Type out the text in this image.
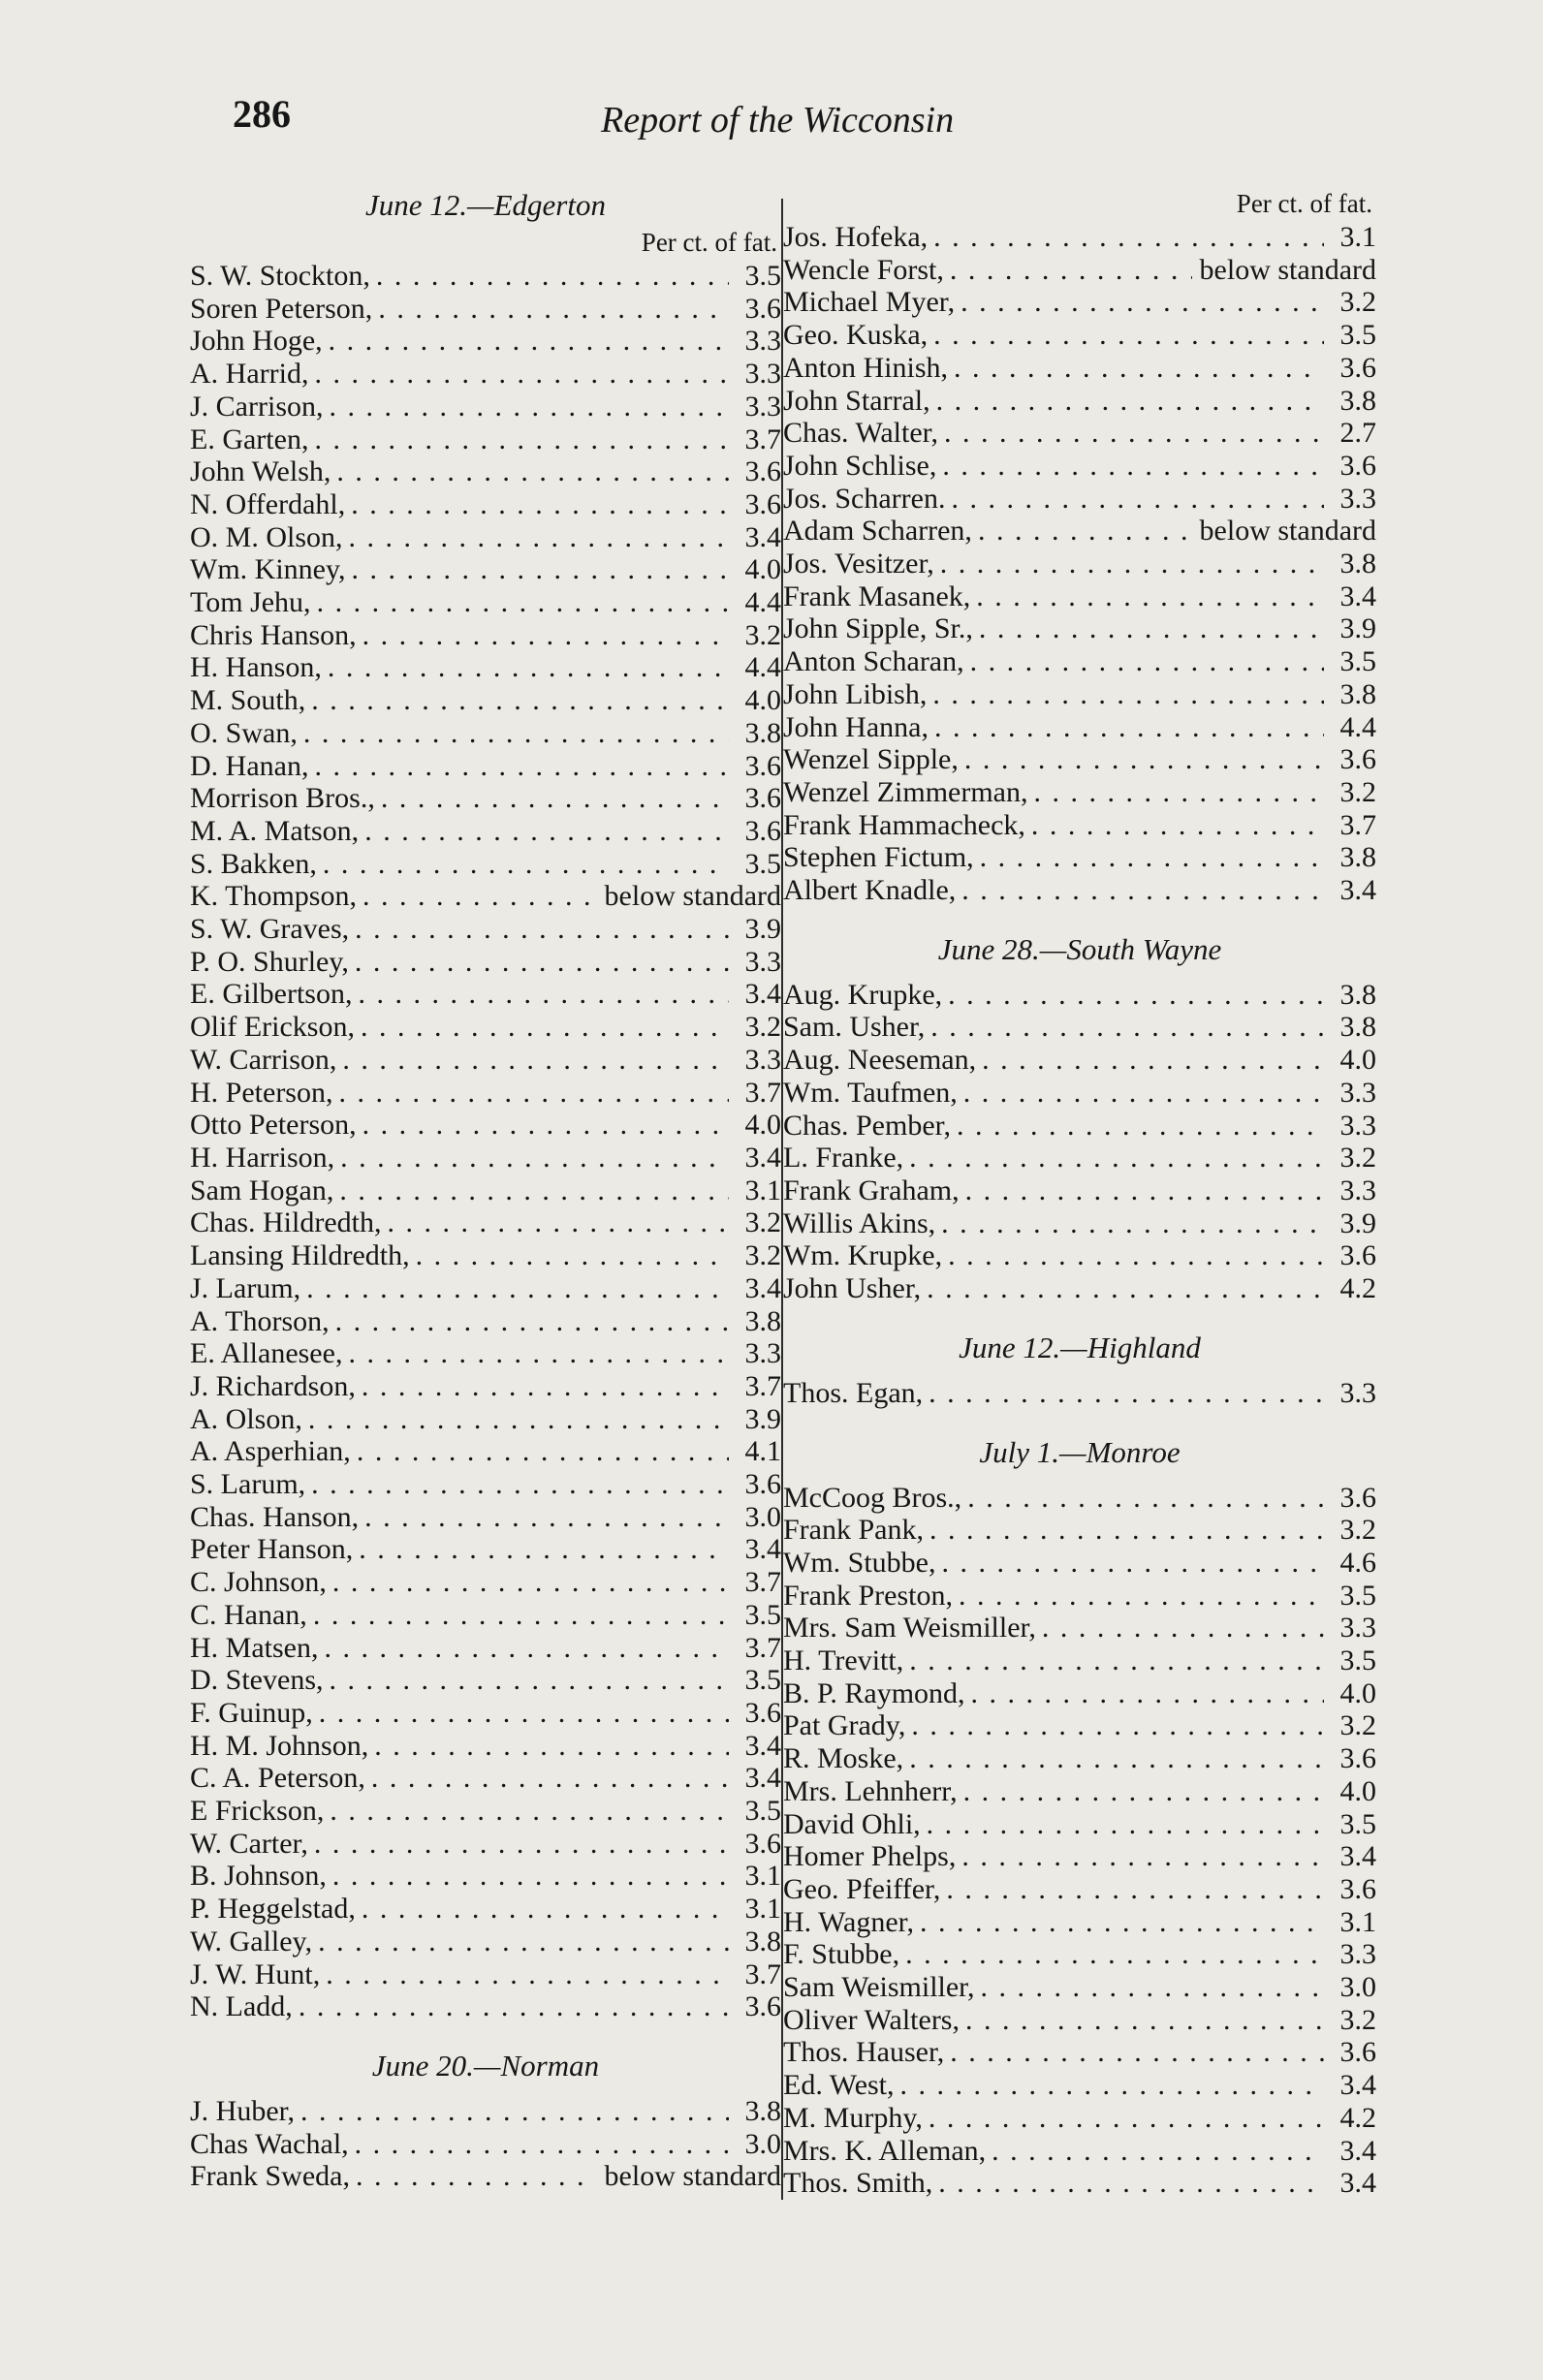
286	Report of the Wicconsin

June 12.—Edgerton

Per ct. of fat.
S. W. Stockton, . . .	3.5
Soren Peterson, . . .	3.6
John Hoge, . . .	3.3
A. Harrid, . . .	3.3
J. Carrison, . . .	3.3
E. Garten, . . .	3.7
John Welsh, . . .	3.6
N. Offerdahl, . . .	3.6
O. M. Olson, . . .	3.4
Wm. Kinney, . . .	4.0
Tom Jehu, . . .	4.4
Chris Hanson, . . .	3.2
H. Hanson, . . .	4.4
M. South, . . .	4.0
O. Swan, . . .	3.8
D. Hanan, . . .	3.6
Morrison Bros., . . .	3.6
M. A. Matson, . . .	3.6
S. Bakken, . . .	3.5
K. Thompson, . . .	below standard
S. W. Graves, . . .	3.9
P. O. Shurley, . . .	3.3
E. Gilbertson, . . .	3.4
Olif Erickson, . . .	3.2
W. Carrison, . . .	3.3
H. Peterson, . . .	3.7
Otto Peterson, . . .	4.0
H. Harrison, . . .	3.4
Sam Hogan, . . .	3.1
Chas. Hildredth, . . .	3.2
Lansing Hildredth, . . .	3.2
J. Larum, . . .	3.4
A. Thorson, . . .	3.8
E. Allanesee, . . .	3.3
J. Richardson, . . .	3.7
A. Olson, . . .	3.9
A. Asperhian, . . .	4.1
S. Larum, . . .	3.6
Chas. Hanson, . . .	3.0
Peter Hanson, . . .	3.4
C. Johnson, . . .	3.7
C. Hanan, . . .	3.5
H. Matsen, . . .	3.7
D. Stevens, . . .	3.5
F. Guinup, . . .	3.6
H. M. Johnson, . . .	3.4
C. A. Peterson, . . .	3.4
E Frickson, . . .	3.5
W. Carter, . . .	3.6
B. Johnson, . . .	3.1
P. Heggelstad, . . .	3.1
W. Galley, . . .	3.8
J. W. Hunt, . . .	3.7
N. Ladd, . . .	3.6

June 20.—Norman

J. Huber, . . .	3.8
Chas Wachal, . . .	3.0
Frank Sweda, . . .	below standard
Per ct. of fat.
Jos. Hofeka, . . .	3.1
Wencle Forst, . . .	below standard
Michael Myer, . . .	3.2
Geo. Kuska, . . .	3.5
Anton Hinish, . . .	3.6
John Starral, . . .	3.8
Chas. Walter, . . .	2.7
John Schlise, . . .	3.6
Jos. Scharren. . . .	3.3
Adam Scharren, . . .	below standard
Jos. Vesitzer, . . .	3.8
Frank Masanek, . . .	3.4
John Sipple, Sr., . . .	3.9
Anton Scharan, . . .	3.5
John Libish, . . .	3.8
John Hanna, . . .	4.4
Wenzel Sipple, . . .	3.6
Wenzel Zimmerman, . . .	3.2
Frank Hammacheck, . . .	3.7
Stephen Fictum, . . .	3.8
Albert Knadle, . . .	3.4

June 28.—South Wayne

Aug. Krupke, . . .	3.8
Sam. Usher, . . .	3.8
Aug. Neeseman, . . .	4.0
Wm. Taufmen, . . .	3.3
Chas. Pember, . . .	3.3
L. Franke, . . .	3.2
Frank Graham, . . .	3.3
Willis Akins, . . .	3.9
Wm. Krupke, . . .	3.6
John Usher, . . .	4.2

June 12.—Highland

Thos. Egan, . . .	3.3

July 1.—Monroe

McCoog Bros., . . .	3.6
Frank Pank, . . .	3.2
Wm. Stubbe, . . .	4.6
Frank Preston, . . .	3.5
Mrs. Sam Weismiller, . . .	3.3
H. Trevitt, . . .	3.5
B. P. Raymond, . . .	4.0
Pat Grady, . . .	3.2
R. Moske, . . .	3.6
Mrs. Lehnherr, . . .	4.0
David Ohli, . . .	3.5
Homer Phelps, . . .	3.4
Geo. Pfeiffer, . . .	3.6
H. Wagner, . . .	3.1
F. Stubbe, . . .	3.3
Sam Weismiller, . . .	3.0
Oliver Walters, . . .	3.2
Thos. Hauser, . . .	3.6
Ed. West, . . .	3.4
M. Murphy, . . .	4.2
Mrs. K. Alleman, . . .	3.4
Thos. Smith, . . .	3.4
